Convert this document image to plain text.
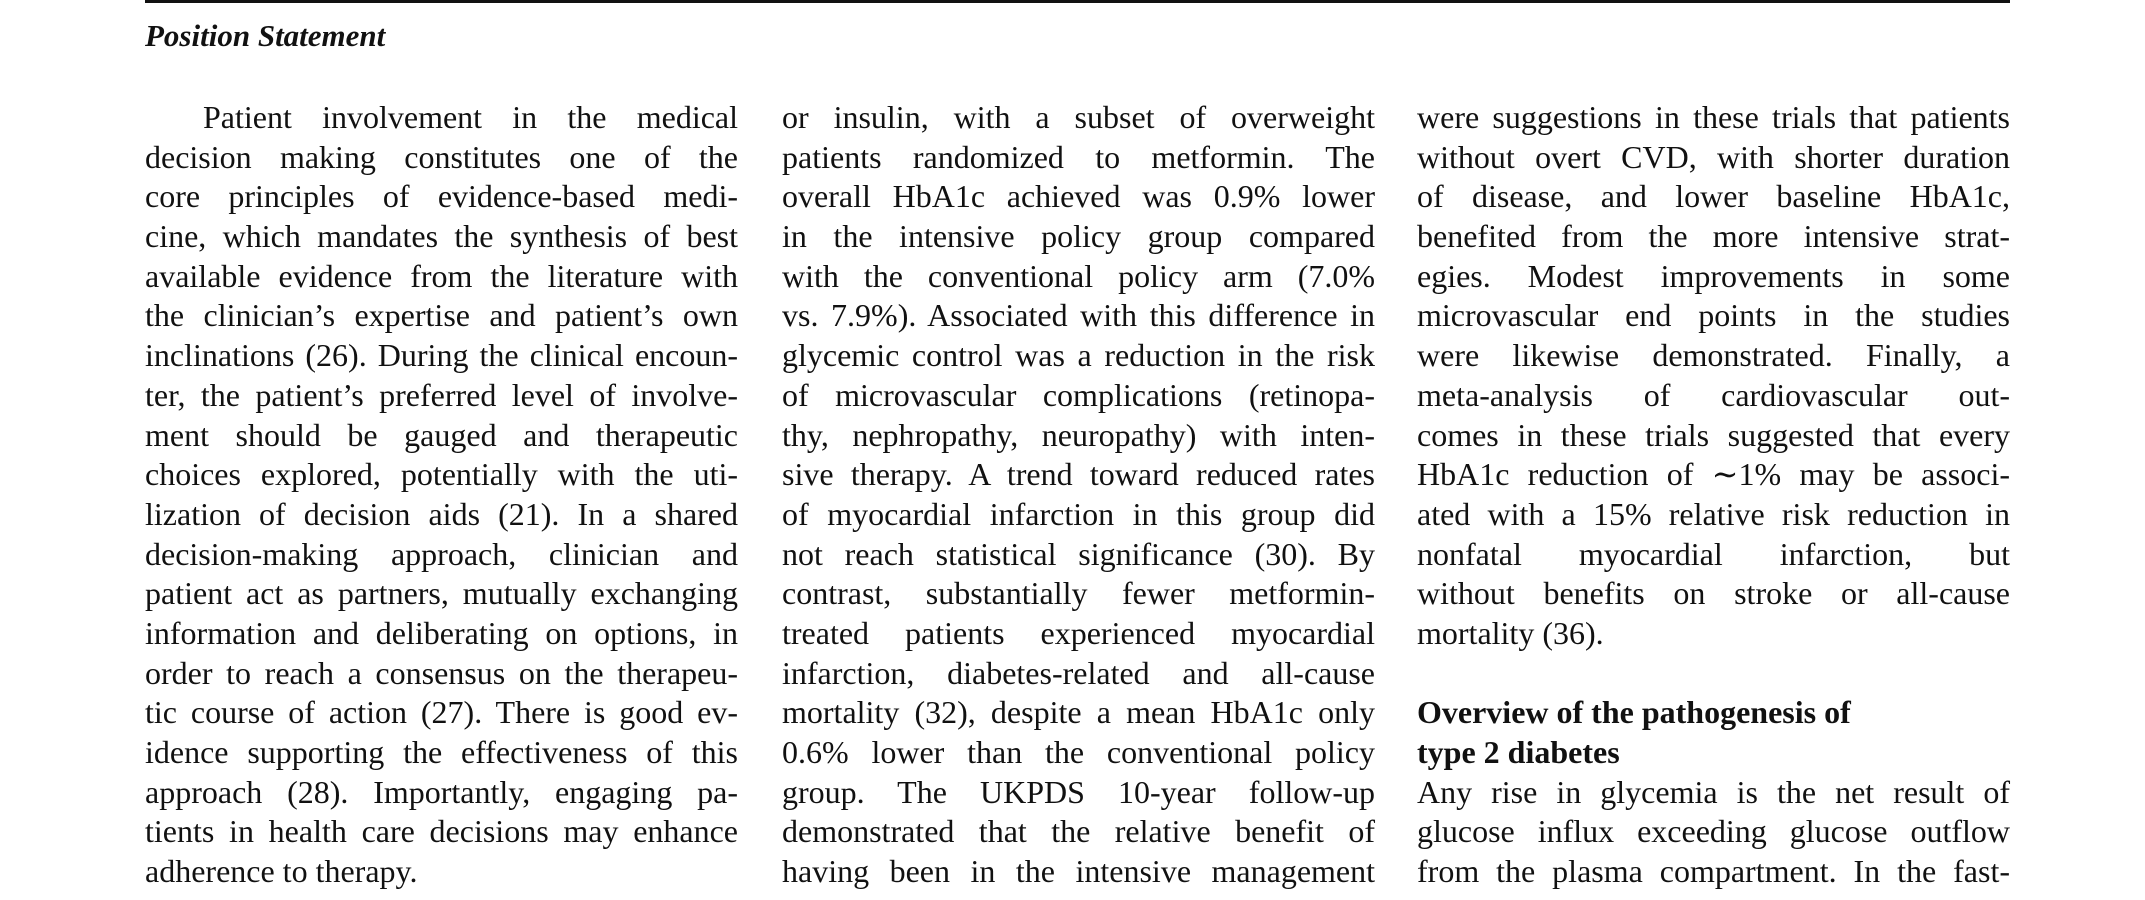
Position Statement
Patient involvement in the medical
decision making constitutes one of the
core principles of evidence-based medi-
cine, which mandates the synthesis of best
available evidence from the literature with
the clinician’s expertise and patient’s own
inclinations (26). During the clinical encoun-
ter, the patient’s preferred level of involve-
ment should be gauged and therapeutic
choices explored, potentially with the uti-
lization of decision aids (21). In a shared
decision-making approach, clinician and
patient act as partners, mutually exchanging
information and deliberating on options, in
order to reach a consensus on the therapeu-
tic course of action (27). There is good ev-
idence supporting the effectiveness of this
approach (28). Importantly, engaging pa-
tients in health care decisions may enhance
adherence to therapy.
or insulin, with a subset of overweight
patients randomized to metformin. The
overall HbA1c achieved was 0.9% lower
in the intensive policy group compared
with the conventional policy arm (7.0%
vs. 7.9%). Associated with this difference in
glycemic control was a reduction in the risk
of microvascular complications (retinopa-
thy, nephropathy, neuropathy) with inten-
sive therapy. A trend toward reduced rates
of myocardial infarction in this group did
not reach statistical significance (30). By
contrast, substantially fewer metformin-
treated patients experienced myocardial
infarction, diabetes-related and all-cause
mortality (32), despite a mean HbA1c only
0.6% lower than the conventional policy
group. The UKPDS 10-year follow-up
demonstrated that the relative benefit of
having been in the intensive management
were suggestions in these trials that patients
without overt CVD, with shorter duration
of disease, and lower baseline HbA1c,
benefited from the more intensive strat-
egies. Modest improvements in some
microvascular end points in the studies
were likewise demonstrated. Finally, a
meta-analysis of cardiovascular out-
comes in these trials suggested that every
HbA1c reduction of ∼1% may be associ-
ated with a 15% relative risk reduction in
nonfatal myocardial infarction, but
without benefits on stroke or all-cause
mortality (36).
Overview of the pathogenesis of
type 2 diabetes
Any rise in glycemia is the net result of
glucose influx exceeding glucose outflow
from the plasma compartment. In the fast-
